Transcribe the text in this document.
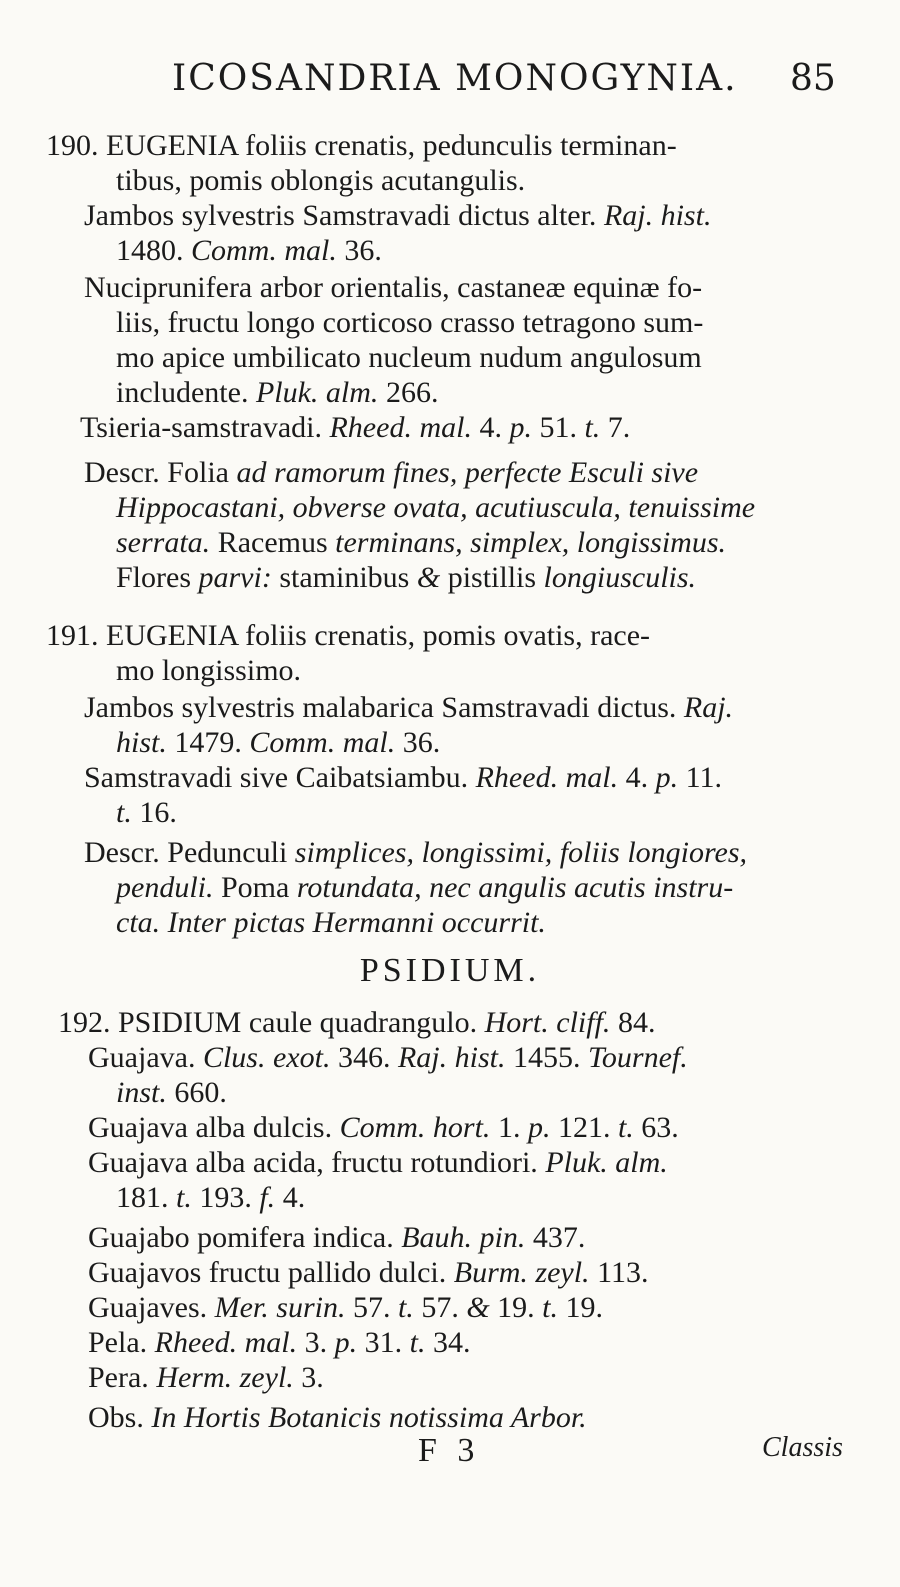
ICOSANDRIA MONOGYNIA. 85
190. EUGENIA foliis crenatis, pedunculis terminan-
tibus, pomis oblongis acutangulis.
Jambos sylvestris Samstravadi dictus alter. Raj. hist.
1480. Comm. mal. 36.
Nuciprunifera arbor orientalis, castaneæ equinæ fo-
liis, fructu longo corticoso crasso tetragono sum-
mo apice umbilicato nucleum nudum angulosum
includente. Pluk. alm. 266.
Tsieria-samstravadi. Rheed. mal. 4. p. 51. t. 7.
Descr. Folia ad ramorum fines, perfecte Esculi sive
Hippocastani, obverse ovata, acutiuscula, tenuissime
serrata. Racemus terminans, simplex, longissimus.
Flores parvi: staminibus & pistillis longiusculis.
191. EUGENIA foliis crenatis, pomis ovatis, race-
mo longissimo.
Jambos sylvestris malabarica Samstravadi dictus. Raj.
hist. 1479. Comm. mal. 36.
Samstravadi sive Caibatsiambu. Rheed. mal. 4. p. 11.
t. 16.
Descr. Pedunculi simplices, longissimi, foliis longiores,
penduli. Poma rotundata, nec angulis acutis instru-
cta. Inter pictas Hermanni occurrit.
192. PSIDIUM caule quadrangulo. Hort. cliff. 84.
Guajava. Clus. exot. 346. Raj. hist. 1455. Tournef.
inst. 660.
Guajava alba dulcis. Comm. hort. 1. p. 121. t. 63.
Guajava alba acida, fructu rotundiori. Pluk. alm.
181. t. 193. f. 4.
Guajabo pomifera indica. Bauh. pin. 437.
Guajavos fructu pallido dulci. Burm. zeyl. 113.
Guajaves. Mer. surin. 57. t. 57. & 19. t. 19.
Pela. Rheed. mal. 3. p. 31. t. 34.
Pera. Herm. zeyl. 3.
Obs. In Hortis Botanicis notissima Arbor.
PSIDIUM.
F 3	Classis
